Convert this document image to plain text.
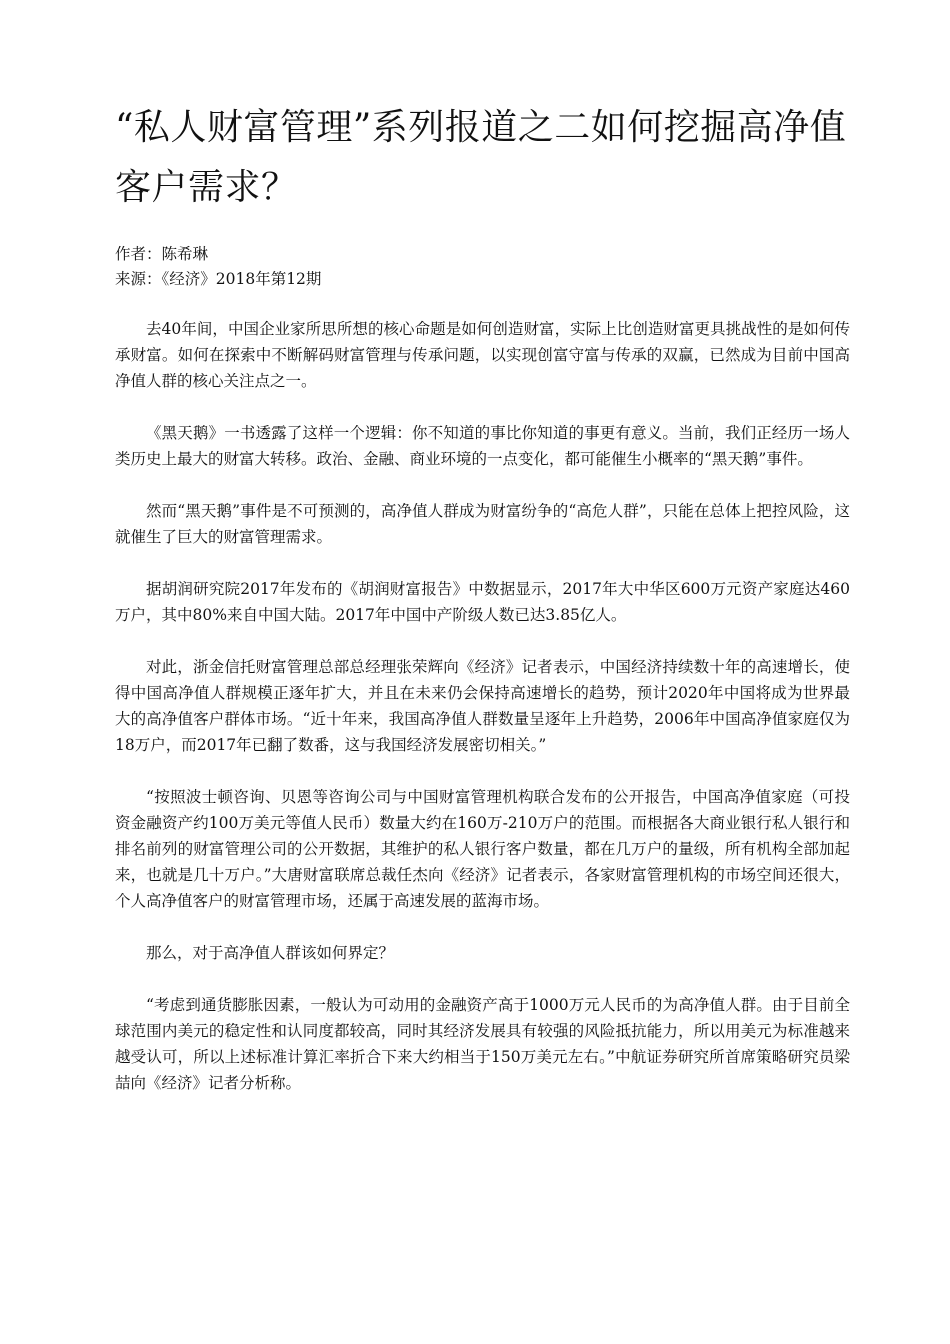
“私人财富管理”系列报道之二如何挖掘高净值客户需求？
作者：陈希琳
来源：《经济》2018年第12期

去40年间，中国企业家所思所想的核心命题是如何创造财富，实际上比创造财富更具挑战性的是如何传承财富。如何在探索中不断解码财富管理与传承问题，以实现创富守富与传承的双赢，已然成为目前中国高净值人群的核心关注点之一。

《黑天鹅》一书透露了这样一个逻辑：你不知道的事比你知道的事更有意义。当前，我们正经历一场人类历史上最大的财富大转移。政治、金融、商业环境的一点变化，都可能催生小概率的“黑天鹅”事件。

然而“黑天鹅”事件是不可预测的，高净值人群成为财富纷争的“高危人群”，只能在总体上把控风险，这就催生了巨大的财富管理需求。

据胡润研究院2017年发布的《胡润财富报告》中数据显示，2017年大中华区600万元资产家庭达460万户，其中80%来自中国大陆。2017年中国中产阶级人数已达3.85亿人。

对此，浙金信托财富管理总部总经理张荣辉向《经济》记者表示，中国经济持续数十年的高速增长，使得中国高净值人群规模正逐年扩大，并且在未来仍会保持高速增长的趋势，预计2020年中国将成为世界最大的高净值客户群体市场。“近十年来，我国高净值人群数量呈逐年上升趋势，2006年中国高净值家庭仅为18万户，而2017年已翻了数番，这与我国经济发展密切相关。”

“按照波士顿咨询、贝恩等咨询公司与中国财富管理机构联合发布的公开报告，中国高净值家庭（可投资金融资产约100万美元等值人民币）数量大约在160万-210万户的范围。而根据各大商业银行私人银行和排名前列的财富管理公司的公开数据，其维护的私人银行客户数量，都在几万户的量级，所有机构全部加起来，也就是几十万户。”大唐财富联席总裁任杰向《经济》记者表示，各家财富管理机构的市场空间还很大，个人高净值客户的财富管理市场，还属于高速发展的蓝海市场。

那么，对于高净值人群该如何界定？

“考虑到通货膨胀因素，一般认为可动用的金融资产高于1000万元人民币的为高净值人群。由于目前全球范围内美元的稳定性和认同度都较高，同时其经济发展具有较强的风险抵抗能力，所以用美元为标准越来越受认可，所以上述标准计算汇率折合下来大约相当于150万美元左右。”中航证券研究所首席策略研究员梁喆向《经济》记者分析称。
